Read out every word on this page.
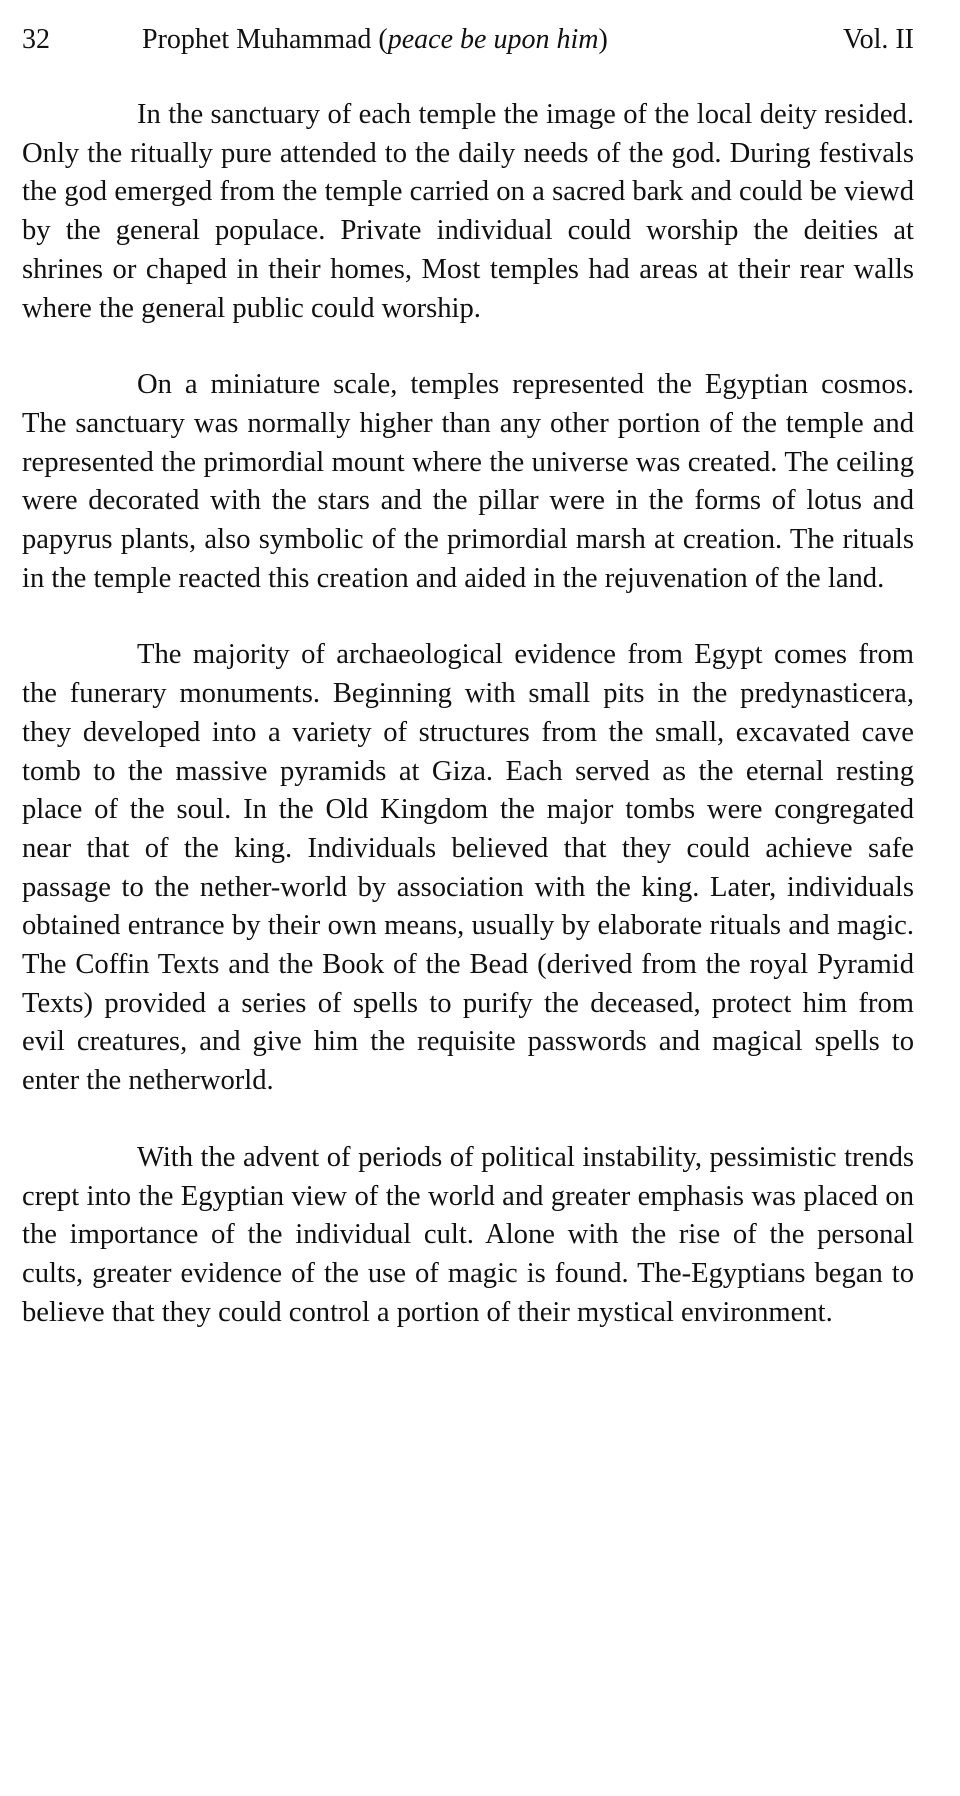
32	Prophet Muhammad (peace be upon him)	Vol. II

In the sanctuary of each temple the image of the local deity resided. Only the ritually pure attended to the daily needs of the god. During festivals the god emerged from the temple carried on a sacred bark and could be viewd by the general populace. Private individual could worship the deities at shrines or chaped in their homes, Most temples had areas at their rear walls where the general public could worship.

On a miniature scale, temples represented the Egyptian cosmos. The sanctuary was normally higher than any other portion of the temple and represented the primordial mount where the universe was created. The ceiling were decorated with the stars and the pillar were in the forms of lotus and papyrus plants, also symbolic of the primordial marsh at creation. The rituals in the temple reacted this creation and aided in the rejuvenation of the land.

The majority of archaeological evidence from Egypt comes from the funerary monuments. Beginning with small pits in the predynasticera, they developed into a variety of structures from the small, excavated cave tomb to the massive pyramids at Giza. Each served as the eternal resting place of the soul. In the Old Kingdom the major tombs were congregated near that of the king. Individuals believed that they could achieve safe passage to the nether-world by association with the king. Later, individuals obtained entrance by their own means, usually by elaborate rituals and magic. The Coffin Texts and the Book of the Bead (derived from the royal Pyramid Texts) provided a series of spells to purify the deceased, protect him from evil creatures, and give him the requisite passwords and magical spells to enter the netherworld.

With the advent of periods of political instability, pessimistic trends crept into the Egyptian view of the world and greater emphasis was placed on the importance of the individual cult. Alone with the rise of the personal cults, greater evidence of the use of magic is found. The-Egyptians began to believe that they could control a portion of their mystical environment.
